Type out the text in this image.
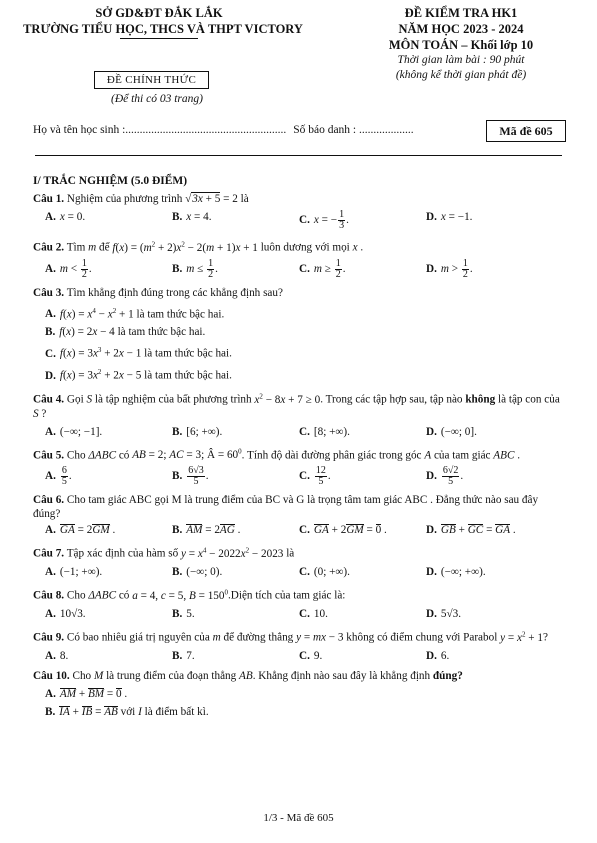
SỞ GD&ĐT ĐẮK LẮK
TRƯỜNG TIỂU HỌC, THCS VÀ THPT VICTORY
ĐỀ CHÍNH THỨC
(Để thi có 03 trang)
ĐỀ KIỂM TRA HK1
NĂM HỌC 2023 - 2024
MÔN TOÁN – Khối lớp 10
Thời gian làm bài : 90 phút
(không kể thời gian phát đề)
Họ và tên học sinh :........................................................ Số báo danh : ...................	Mã đề 605
I/ TRẮC NGHIỆM (5.0 ĐIỂM)
Câu 1. Nghiệm của phương trình √3x + 5 = 2 là
A. x = 0.	B. x = 4.	C. x = − $\frac{1}{3}$ .	D. x = −1.
Câu 2. Tìm m để $f(x) = (m^2 + 2)x^2 - 2(m + 1)x + 1$ luôn dương với mọi x .
A. $m < \frac{1}{2}$ .	B. $m \le \frac{1}{2}$ .	C. $m \ge \frac{1}{2}$ .	D. $m > \frac{1}{2}$ .
Câu 3. Tìm khẳng định đúng trong các khẳng định sau?
A. $f(x) = x^4 - x^2 + 1$ là tam thức bậc hai.
B. f(x) = 2x − 4 là tam thức bậc hai.
C. $f(x) = 3x^3 + 2x - 1$ là tam thức bậc hai.
D. $f(x) = 3x^2 + 2x - 5$ là tam thức bậc hai.
Câu 4. Gọi S là tập nghiệm của bất phương trình $x^2 - 8x + 7 \ge 0$. Trong các tập hợp sau, tập nào không là tập con của S ?
A. (−∞; −1].	B. [6; +∞).	C. [8; +∞).	D. (−∞; 0].
Câu 5. Cho ΔABC có AB = 2; AC = 3; Â = $60^0$. Tính độ dài đường phân giác trong góc A của tam giác ABC .
A. $\frac{6}{5}$ .	B. $\frac{6√3}{5}$ .	C. $\frac{12}{5}$ .	D. $\frac{6√2}{5}$ .
Câu 6. Cho tam giác ABC gọi M là trung điểm của BC và G là trọng tâm tam giác ABC . Đẳng thức nào sau đây đúng?
A. GA = 2GM .	B. AM = 2AG .	C. GA + 2GM = 0 .	D. GB + GC = GA .
Câu 7. Tập xác định của hàm số $y = x^4 - 2022x^2 - 2023$ là
A. (−1; +∞).	B. (−∞; 0).	C. (0; +∞).	D. (−∞; +∞).
Câu 8. Cho ΔABC có a = 4, c = 5, $B = 150^0.Diện$ tích của tam giác là:
A. 10√3.	B. 5.	C. 10.	D. 5√3.
Câu 9. Có bao nhiêu giá trị nguyên của m để đường thẳng y = mx − 3 không có điểm chung với Parabol $y = x^2 + 1$?
A. 8.	B. 7.	C. 9.	D. 6.
Câu 10. Cho M là trung điểm của đoạn thẳng AB. Khẳng định nào sau đây là khẳng định đúng?
A. AM + BM = 0 .
B. IA + IB = AB với I là điểm bất kì.
1/3 - Mã đề 605
